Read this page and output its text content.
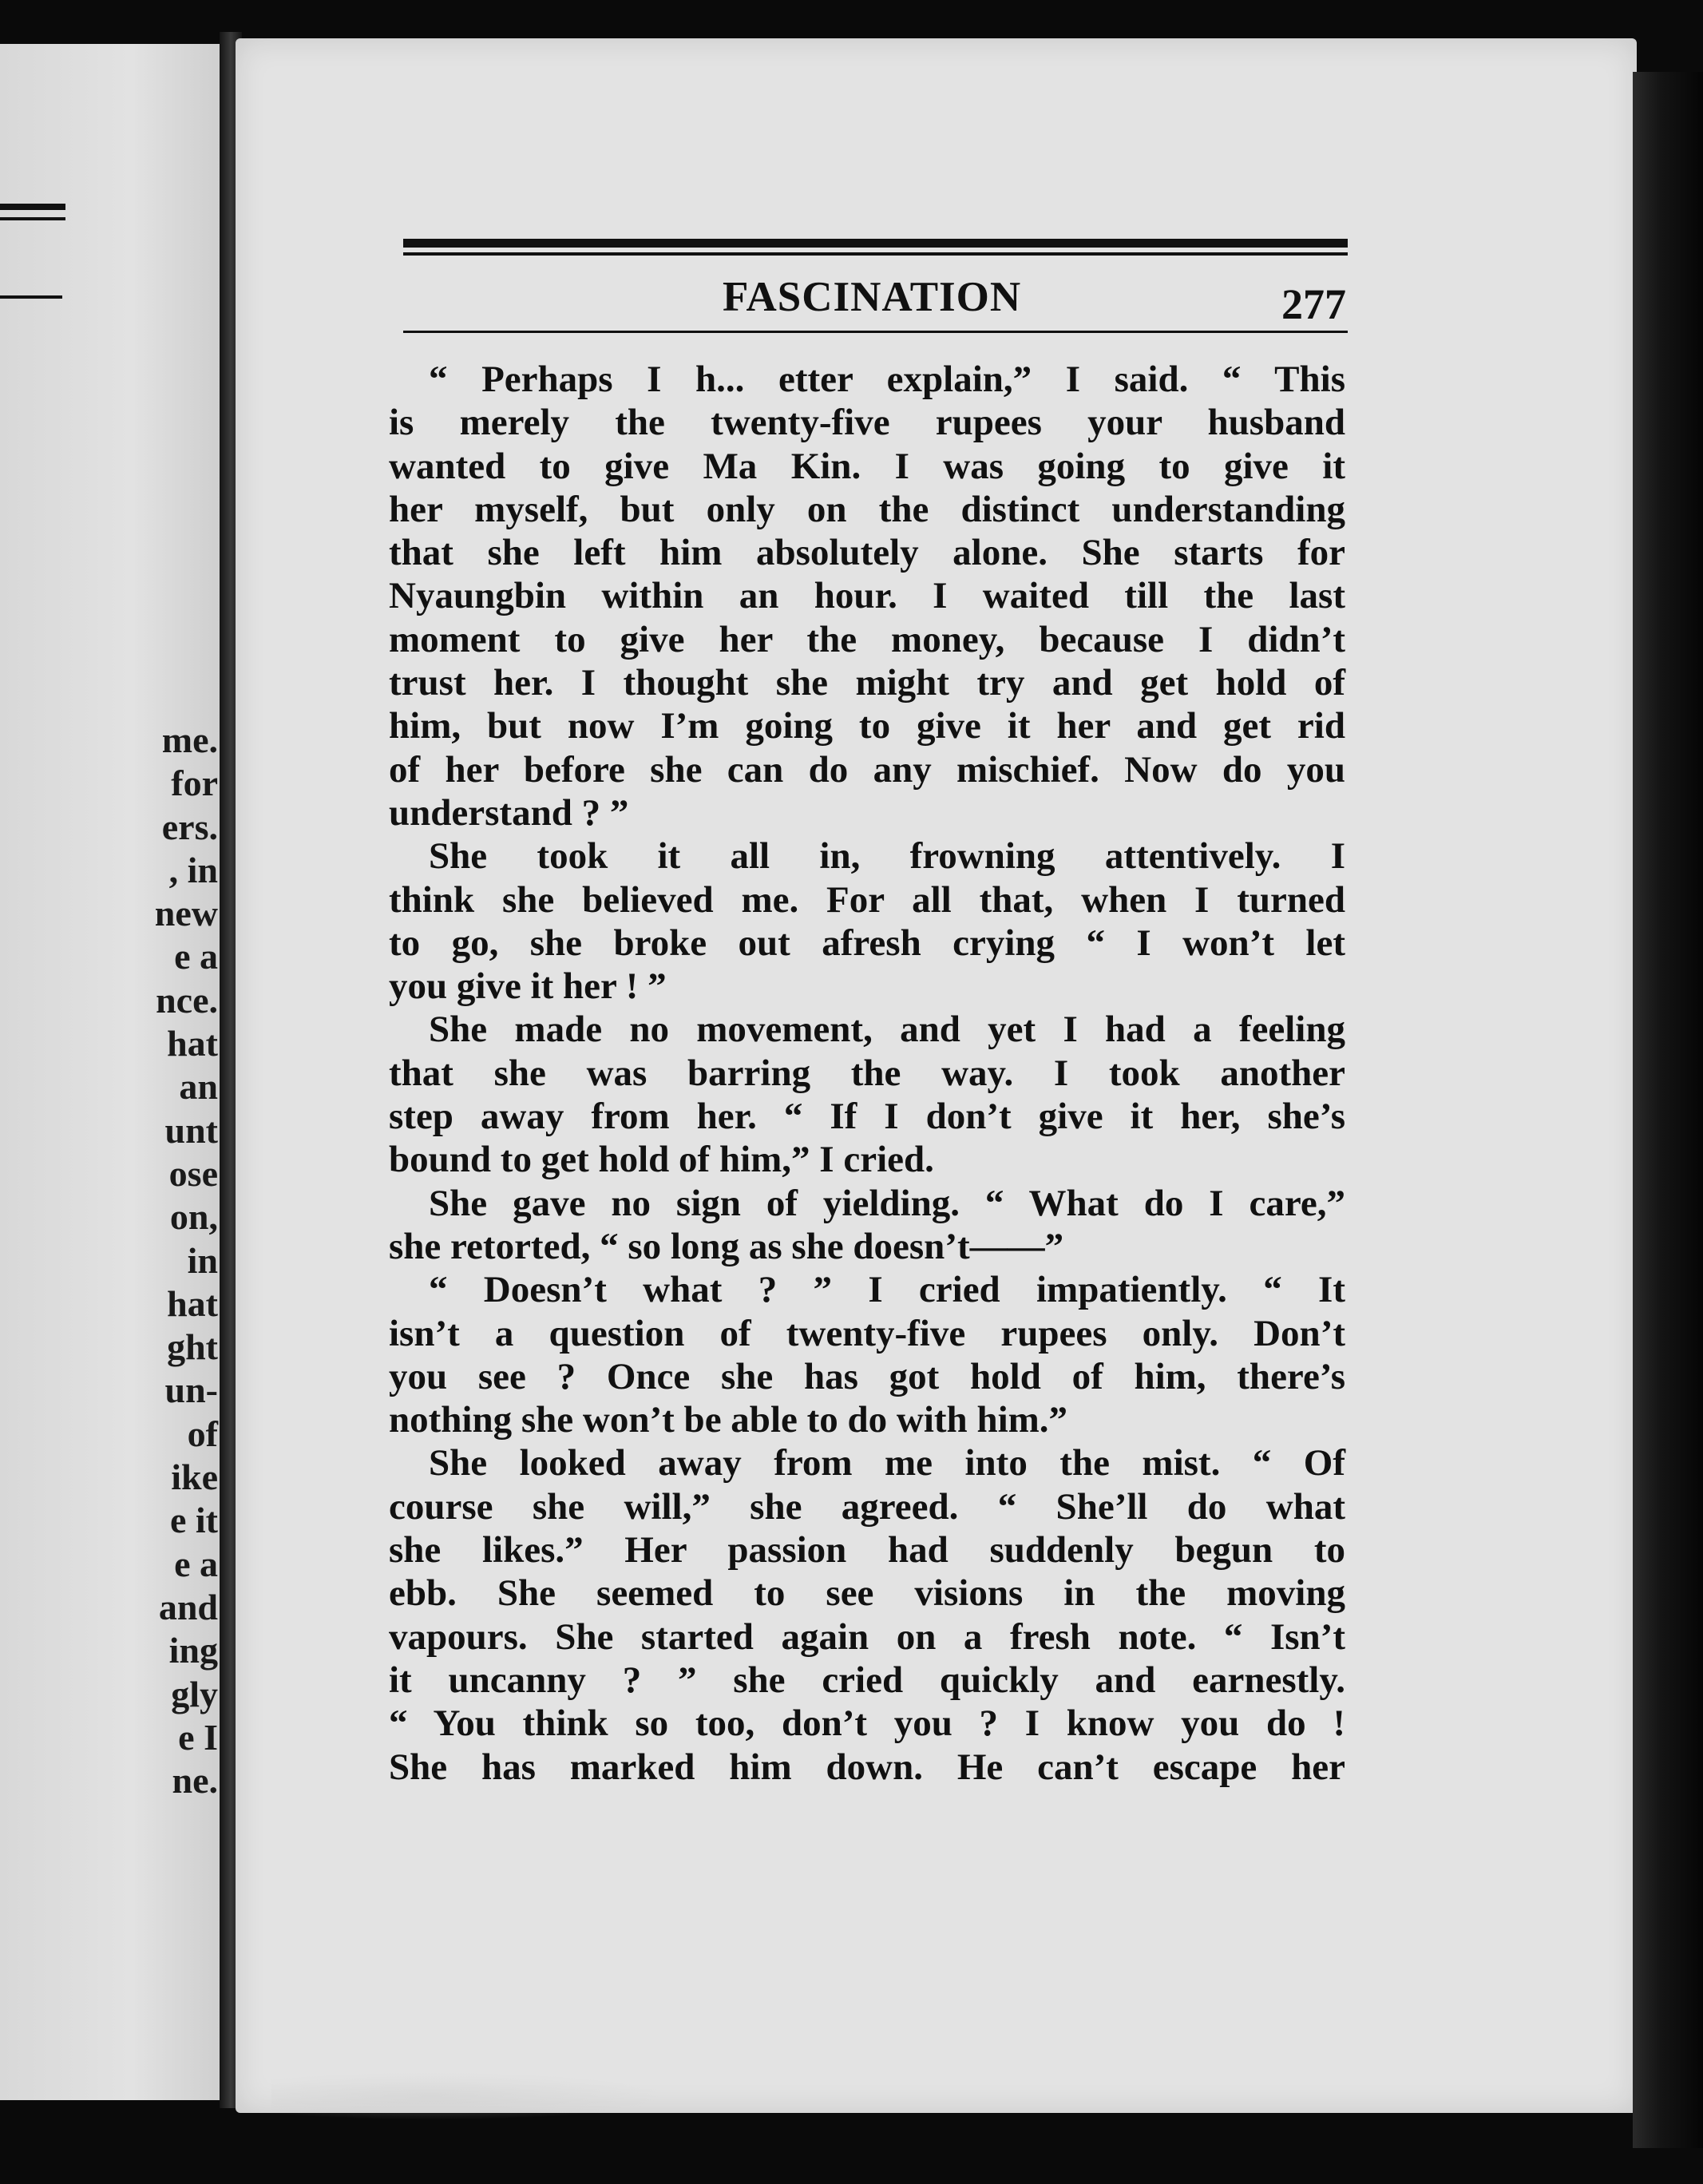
me.
for
ers.
, in
new
e a
nce.
hat
an
unt
ose
on,
in
hat
ght
un-
of
ike
e it
e a
and
ing
gly
e I
ne.
FASCINATION	277
“ Perhaps I h... etter explain,” I said. “ This
is merely the twenty-five rupees your husband
wanted to give Ma Kin. I was going to give it
her myself, but only on the distinct understanding
that she left him absolutely alone. She starts for
Nyaungbin within an hour. I waited till the last
moment to give her the money, because I didn’t
trust her. I thought she might try and get hold of
him, but now I’m going to give it her and get rid
of her before she can do any mischief. Now do you
understand ? ”
She took it all in, frowning attentively. I
think she believed me. For all that, when I turned
to go, she broke out afresh crying “ I won’t let
you give it her ! ”
She made no movement, and yet I had a feeling
that she was barring the way. I took another
step away from her. “ If I don’t give it her, she’s
bound to get hold of him,” I cried.
She gave no sign of yielding. “ What do I care,”
she retorted, “ so long as she doesn’t——”
“ Doesn’t what ? ” I cried impatiently. “ It
isn’t a question of twenty-five rupees only. Don’t
you see ? Once she has got hold of him, there’s
nothing she won’t be able to do with him.”
She looked away from me into the mist. “ Of
course she will,” she agreed. “ She’ll do what
she likes.” Her passion had suddenly begun to
ebb. She seemed to see visions in the moving
vapours. She started again on a fresh note. “ Isn’t
it uncanny ? ” she cried quickly and earnestly.
“ You think so too, don’t you ? I know you do !
She has marked him down. He can’t escape her
